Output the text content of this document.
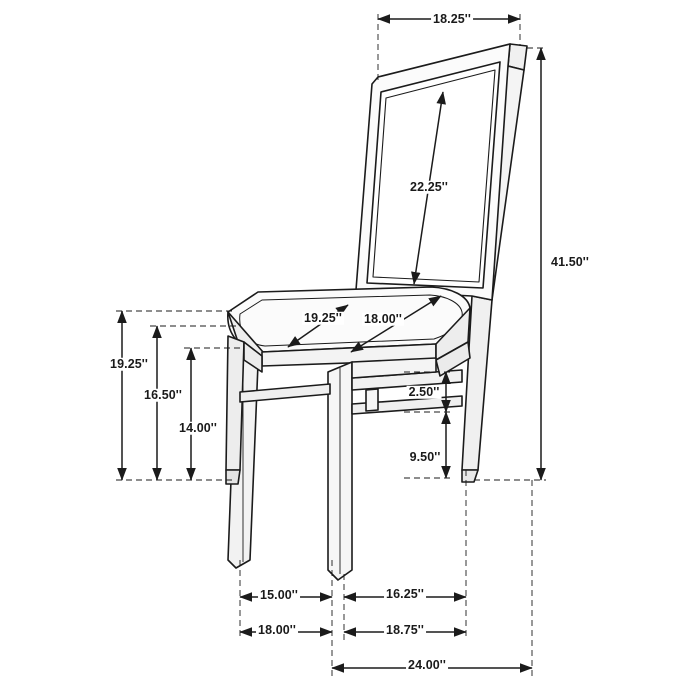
18.25''
41.50''
22.25''
19.25'' 18.00''
19.25''
16.50''
14.00''
2.50''
9.50''
15.00''	16.25''
18.00''	18.75''
24.00''
